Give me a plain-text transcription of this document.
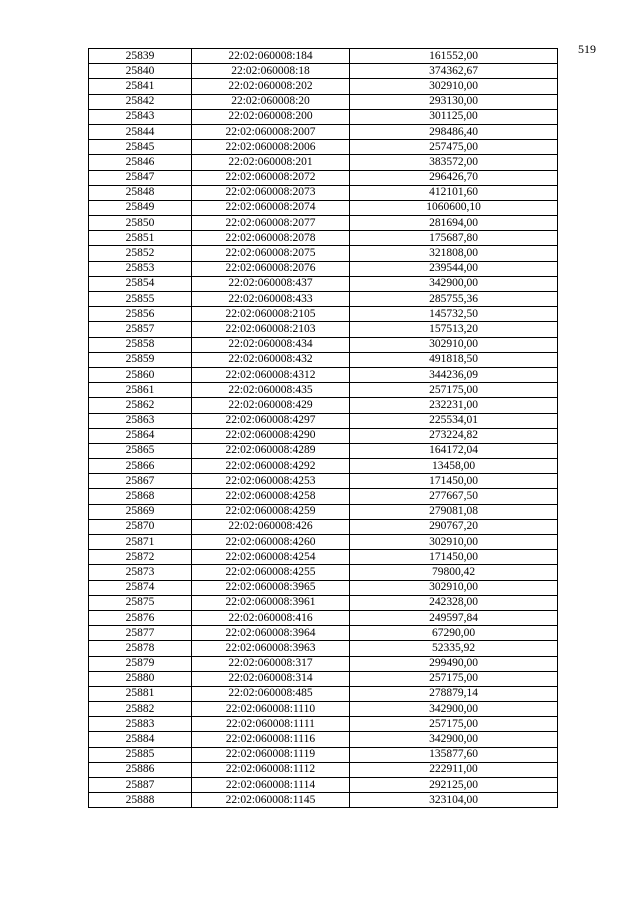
519
25839	22:02:060008:184	161552,00
25840	22:02:060008:18	374362,67
25841	22:02:060008:202	302910,00
25842	22:02:060008:20	293130,00
25843	22:02:060008:200	301125,00
25844	22:02:060008:2007	298486,40
25845	22:02:060008:2006	257475,00
25846	22:02:060008:201	383572,00
25847	22:02:060008:2072	296426,70
25848	22:02:060008:2073	412101,60
25849	22:02:060008:2074	1060600,10
25850	22:02:060008:2077	281694,00
25851	22:02:060008:2078	175687,80
25852	22:02:060008:2075	321808,00
25853	22:02:060008:2076	239544,00
25854	22:02:060008:437	342900,00
25855	22:02:060008:433	285755,36
25856	22:02:060008:2105	145732,50
25857	22:02:060008:2103	157513,20
25858	22:02:060008:434	302910,00
25859	22:02:060008:432	491818,50
25860	22:02:060008:4312	344236,09
25861	22:02:060008:435	257175,00
25862	22:02:060008:429	232231,00
25863	22:02:060008:4297	225534,01
25864	22:02:060008:4290	273224,82
25865	22:02:060008:4289	164172,04
25866	22:02:060008:4292	13458,00
25867	22:02:060008:4253	171450,00
25868	22:02:060008:4258	277667,50
25869	22:02:060008:4259	279081,08
25870	22:02:060008:426	290767,20
25871	22:02:060008:4260	302910,00
25872	22:02:060008:4254	171450,00
25873	22:02:060008:4255	79800,42
25874	22:02:060008:3965	302910,00
25875	22:02:060008:3961	242328,00
25876	22:02:060008:416	249597,84
25877	22:02:060008:3964	67290,00
25878	22:02:060008:3963	52335,92
25879	22:02:060008:317	299490,00
25880	22:02:060008:314	257175,00
25881	22:02:060008:485	278879,14
25882	22:02:060008:1110	342900,00
25883	22:02:060008:1111	257175,00
25884	22:02:060008:1116	342900,00
25885	22:02:060008:1119	135877,60
25886	22:02:060008:1112	222911,00
25887	22:02:060008:1114	292125,00
25888	22:02:060008:1145	323104,00
